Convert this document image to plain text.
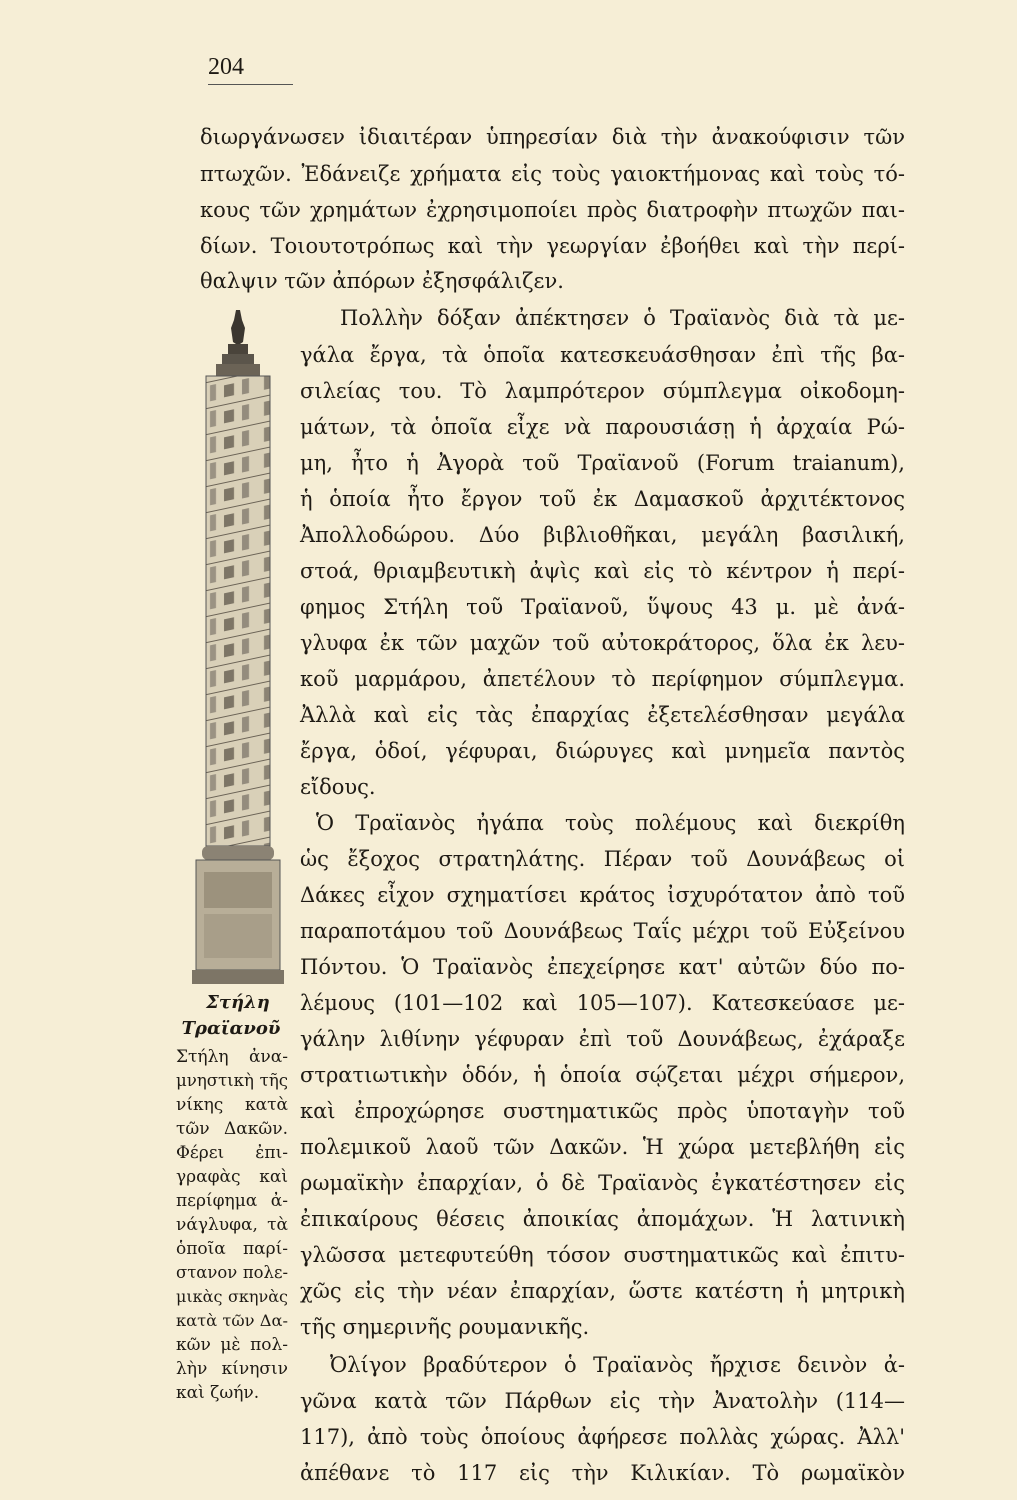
204
διωργάνωσεν ἰδιαιτέραν ὑπηρεσίαν διὰ τὴν ἀνακούφισιν τῶν
πτωχῶν. Ἐδάνειζε χρήματα εἰς τοὺς γαιοκτήμονας καὶ τοὺς τό-
κους τῶν χρημάτων ἐχρησιμοποίει πρὸς διατροφὴν πτωχῶν παι-
δίων. Τοιουτοτρόπως καὶ τὴν γεωργίαν ἐβοήθει καὶ τὴν περί-
θαλψιν τῶν ἀπόρων ἐξησφάλιζεν.
Πολλὴν δόξαν ἀπέκτησεν ὁ Τραϊανὸς διὰ τὰ με-
γάλα ἔργα, τὰ ὁποῖα κατεσκευάσθησαν ἐπὶ τῆς βα-
σιλείας του. Τὸ λαμπρότερον σύμπλεγμα οἰκοδομη-
μάτων, τὰ ὁποῖα εἶχε νὰ παρουσιάσῃ ἡ ἀρχαία Ρώ-
μη, ἦτο ἡ Ἀγορὰ τοῦ Τραϊανοῦ (Forum traianum),
ἡ ὁποία ἦτο ἔργον τοῦ ἐκ Δαμασκοῦ ἀρχιτέκτονος
Ἀπολλοδώρου. Δύο βιβλιοθῆκαι, μεγάλη βασιλική,
στοά, θριαμβευτικὴ ἀψὶς καὶ εἰς τὸ κέντρον ἡ περί-
φημος Στήλη τοῦ Τραϊανοῦ, ὕψους 43 μ. μὲ ἀνά-
γλυφα ἐκ τῶν μαχῶν τοῦ αὐτοκράτορος, ὅλα ἐκ λευ-
κοῦ μαρμάρου, ἀπετέλουν τὸ περίφημον σύμπλεγμα.
Ἀλλὰ καὶ εἰς τὰς ἐπαρχίας ἐξετελέσθησαν μεγάλα
ἔργα, ὁδοί, γέφυραι, διώρυγες καὶ μνημεῖα παντὸς
εἴδους.
Ὁ Τραϊανὸς ἠγάπα τοὺς πολέμους καὶ διεκρίθη
ὡς ἔξοχος στρατηλάτης. Πέραν τοῦ Δουνάβεως οἱ
Δάκες εἶχον σχηματίσει κράτος ἰσχυρότατον ἀπὸ τοῦ
παραποτάμου τοῦ Δουνάβεως Ταΐς μέχρι τοῦ Εὐξείνου
Πόντου. Ὁ Τραϊανὸς ἐπεχείρησε κατ' αὐτῶν δύο πο-
λέμους (101—102 καὶ 105—107). Κατεσκεύασε με-
γάλην λιθίνην γέφυραν ἐπὶ τοῦ Δουνάβεως, ἐχάραξε
στρατιωτικὴν ὁδόν, ἡ ὁποία σῴζεται μέχρι σήμερον,
καὶ ἐπροχώρησε συστηματικῶς πρὸς ὑποταγὴν τοῦ
πολεμικοῦ λαοῦ τῶν Δακῶν. Ἡ χώρα μετεβλήθη εἰς
ρωμαϊκὴν ἐπαρχίαν, ὁ δὲ Τραϊανὸς ἐγκατέστησεν εἰς
ἐπικαίρους θέσεις ἀποικίας ἀπομάχων. Ἡ λατινικὴ
γλῶσσα μετεφυτεύθη τόσον συστηματικῶς καὶ ἐπιτυ-
χῶς εἰς τὴν νέαν ἐπαρχίαν, ὥστε κατέστη ἡ μητρικὴ
τῆς σημερινῆς ρουμανικῆς.
Ὀλίγον βραδύτερον ὁ Τραϊανὸς ἤρχισε δεινὸν ἀ-
γῶνα κατὰ τῶν Πάρθων εἰς τὴν Ἀνατολὴν (114—
117), ἀπὸ τοὺς ὁποίους ἀφήρεσε πολλὰς χώρας. Ἀλλ'
ἀπέθανε τὸ 117 εἰς τὴν Κιλικίαν. Τὸ ρωμαϊκὸν
Στήλη
Τραϊανοῦ
Στήλη ἀνα-
μνηστικὴ τῆς
νίκης κατὰ
τῶν Δακῶν.
Φέρει ἐπι-
γραφὰς καὶ
περίφημα ἀ-
νάγλυφα, τὰ
ὁποῖα παρί-
στανον πολε-
μικὰς σκηνὰς
κατὰ τῶν Δα-
κῶν μὲ πολ-
λὴν κίνησιν
καὶ ζωήν.
